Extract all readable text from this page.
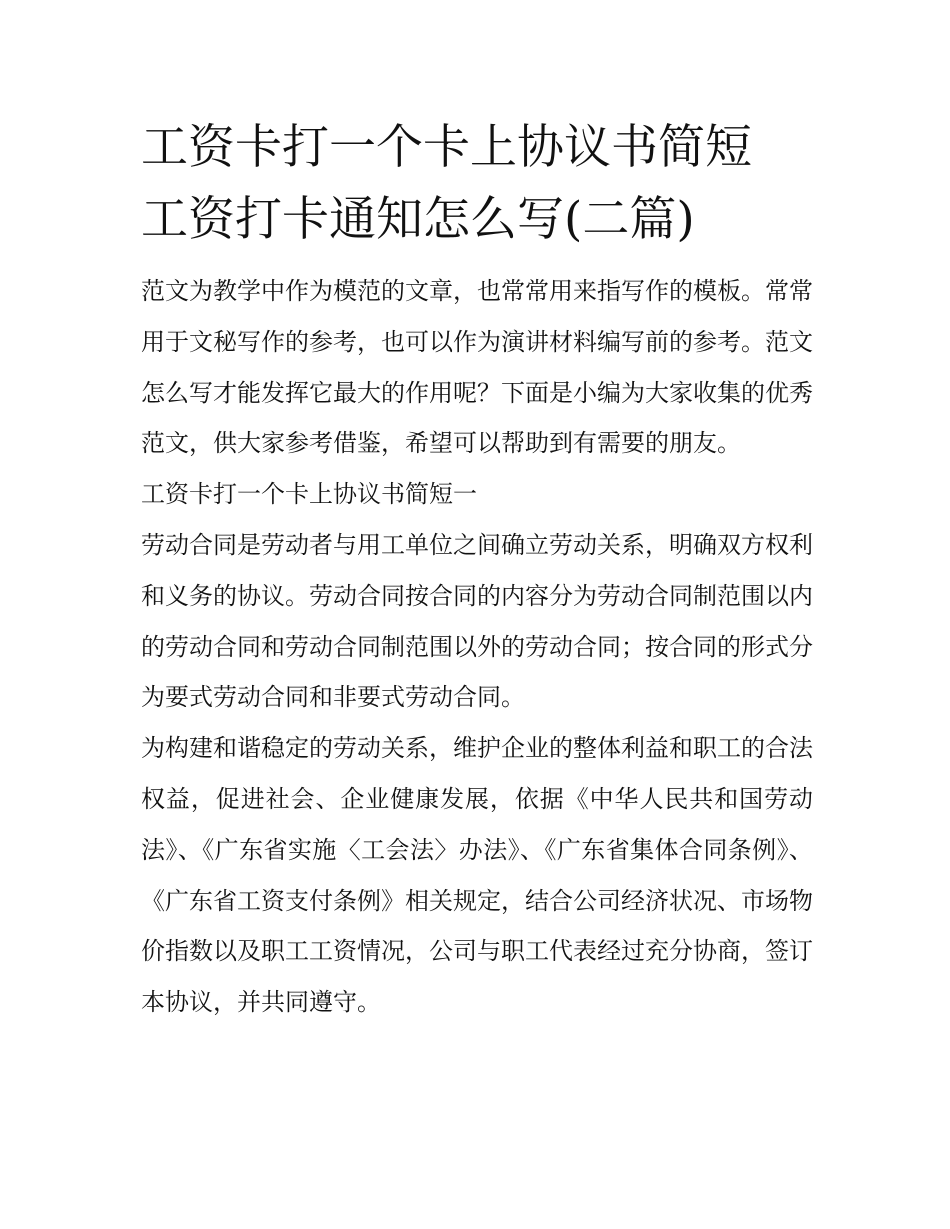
工资卡打一个卡上协议书简短
工资打卡通知怎么写(二篇)

范文为教学中作为模范的文章，也常常用来指写作的模板。常常用于文秘写作的参考，也可以作为演讲材料编写前的参考。范文怎么写才能发挥它最大的作用呢？下面是小编为大家收集的优秀范文，供大家参考借鉴，希望可以帮助到有需要的朋友。

工资卡打一个卡上协议书简短一

劳动合同是劳动者与用工单位之间确立劳动关系，明确双方权利和义务的协议。劳动合同按合同的内容分为劳动合同制范围以内的劳动合同和劳动合同制范围以外的劳动合同；按合同的形式分为要式劳动合同和非要式劳动合同。

为构建和谐稳定的劳动关系，维护企业的整体利益和职工的合法权益，促进社会、企业健康发展，依据《中华人民共和国劳动法》、《广东省实施〈工会法〉办法》、《广东省集体合同条例》、《广东省工资支付条例》相关规定，结合公司经济状况、市场物价指数以及职工工资情况，公司与职工代表经过充分协商，签订本协议，并共同遵守。
